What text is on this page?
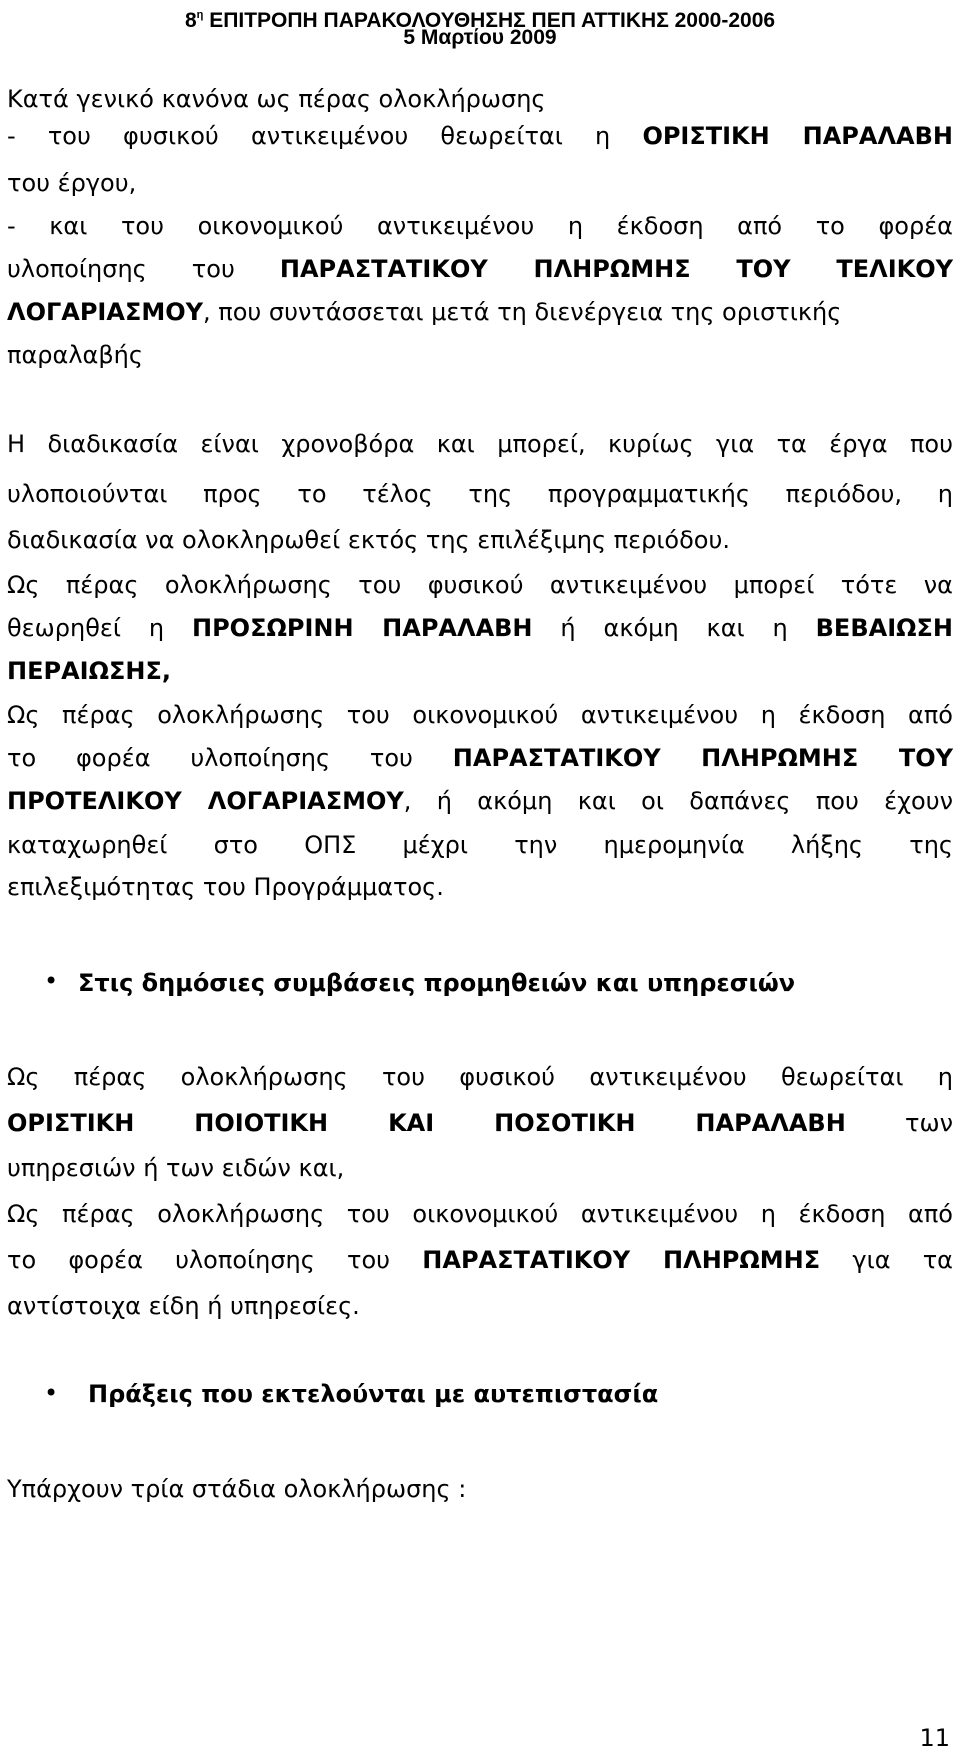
$8^\eta$ ΕΠΙΤΡΟΠΗ ΠΑΡΑΚΟΛΟΥΘΗΣΗΣ ΠΕΠ ΑΤΤΙΚΗΣ 2000-2006
5 Μαρτίου 2009
Κατά γενικό κανόνα ως πέρας ολοκλήρωσης
- του φυσικού αντικειμένου θεωρείται η ΟΡΙΣΤΙΚΗ ΠΑΡΑΛΑΒΗ
του έργου,
- και του οικονομικού αντικειμένου η έκδοση από το φορέα
υλοποίησης του ΠΑΡΑΣΤΑΤΙΚΟΥ ΠΛΗΡΩΜΗΣ ΤΟΥ ΤΕΛΙΚΟΥ
ΛΟΓΑΡΙΑΣΜΟΥ, που συντάσσεται μετά τη διενέργεια της οριστικής
παραλαβής
Η διαδικασία είναι χρονοβόρα και μπορεί, κυρίως για τα έργα που
υλοποιούνται προς το τέλος της προγραμματικής περιόδου, η
διαδικασία να ολοκληρωθεί εκτός της επιλέξιμης περιόδου.
Ως πέρας ολοκλήρωσης του φυσικού αντικειμένου μπορεί τότε να
θεωρηθεί η ΠΡΟΣΩΡΙΝΗ ΠΑΡΑΛΑΒΗ ή ακόμη και η ΒΕΒΑΙΩΣΗ
ΠΕΡΑΙΩΣΗΣ,
Ως πέρας ολοκλήρωσης του οικονομικού αντικειμένου η έκδοση από
το φορέα υλοποίησης του ΠΑΡΑΣΤΑΤΙΚΟΥ ΠΛΗΡΩΜΗΣ ΤΟΥ
ΠΡΟΤΕΛΙΚΟΥ ΛΟΓΑΡΙΑΣΜΟΥ, ή ακόμη και οι δαπάνες που έχουν
καταχωρηθεί στο ΟΠΣ μέχρι την ημερομηνία λήξης της
επιλεξιμότητας του Προγράμματος.
• Στις δημόσιες συμβάσεις προμηθειών και υπηρεσιών
Ως πέρας ολοκλήρωσης του φυσικού αντικειμένου θεωρείται η
ΟΡΙΣΤΙΚΗ ΠΟΙΟΤΙΚΗ ΚΑΙ ΠΟΣΟΤΙΚΗ ΠΑΡΑΛΑΒΗ των
υπηρεσιών ή των ειδών και,
Ως πέρας ολοκλήρωσης του οικονομικού αντικειμένου η έκδοση από
το φορέα υλοποίησης του ΠΑΡΑΣΤΑΤΙΚΟΥ ΠΛΗΡΩΜΗΣ για τα
αντίστοιχα είδη ή υπηρεσίες.
• Πράξεις που εκτελούνται με αυτεπιστασία
Υπάρχουν τρία στάδια ολοκλήρωσης :
11
